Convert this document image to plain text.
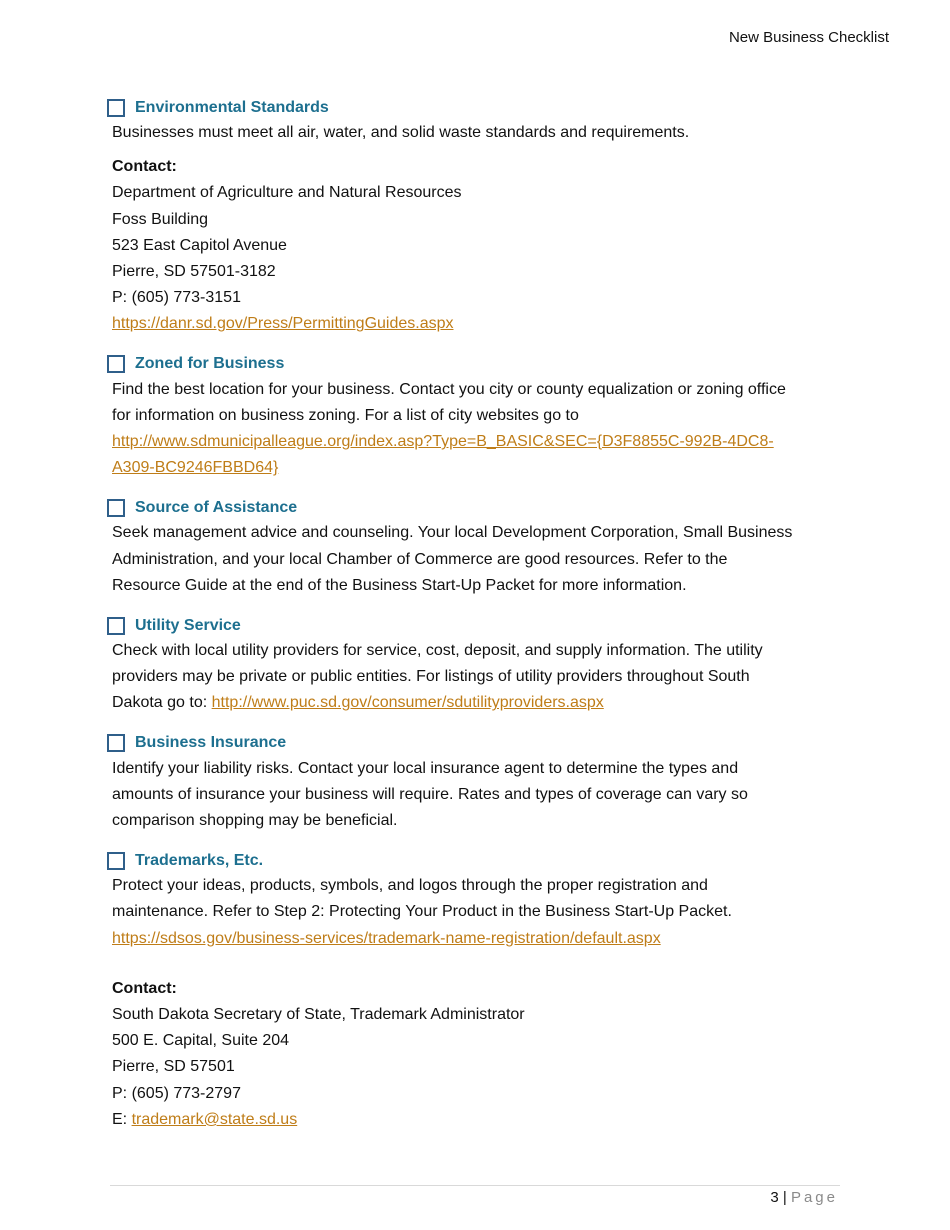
New Business Checklist
Environmental Standards
Businesses must meet all air, water, and solid waste standards and requirements.
Contact:
Department of Agriculture and Natural Resources
Foss Building
523 East Capitol Avenue
Pierre, SD 57501-3182
P: (605) 773-3151
https://danr.sd.gov/Press/PermittingGuides.aspx
Zoned for Business
Find the best location for your business. Contact you city or county equalization or zoning office
for information on business zoning. For a list of city websites go to
http://www.sdmunicipalleague.org/index.asp?Type=B_BASIC&SEC={D3F8855C-992B-4DC8-
A309-BC9246FBBD64}
Source of Assistance
Seek management advice and counseling. Your local Development Corporation, Small Business
Administration, and your local Chamber of Commerce are good resources. Refer to the
Resource Guide at the end of the Business Start-Up Packet for more information.
Utility Service
Check with local utility providers for service, cost, deposit, and supply information. The utility
providers may be private or public entities. For listings of utility providers throughout South
Dakota go to: http://www.puc.sd.gov/consumer/sdutilityproviders.aspx
Business Insurance
Identify your liability risks. Contact your local insurance agent to determine the types and
amounts of insurance your business will require. Rates and types of coverage can vary so
comparison shopping may be beneficial.
Trademarks, Etc.
Protect your ideas, products, symbols, and logos through the proper registration and
maintenance. Refer to Step 2: Protecting Your Product in the Business Start-Up Packet.
https://sdsos.gov/business-services/trademark-name-registration/default.aspx
Contact:
South Dakota Secretary of State, Trademark Administrator
500 E. Capital, Suite 204
Pierre, SD 57501
P: (605) 773-2797
E: trademark@state.sd.us
3 | Page
